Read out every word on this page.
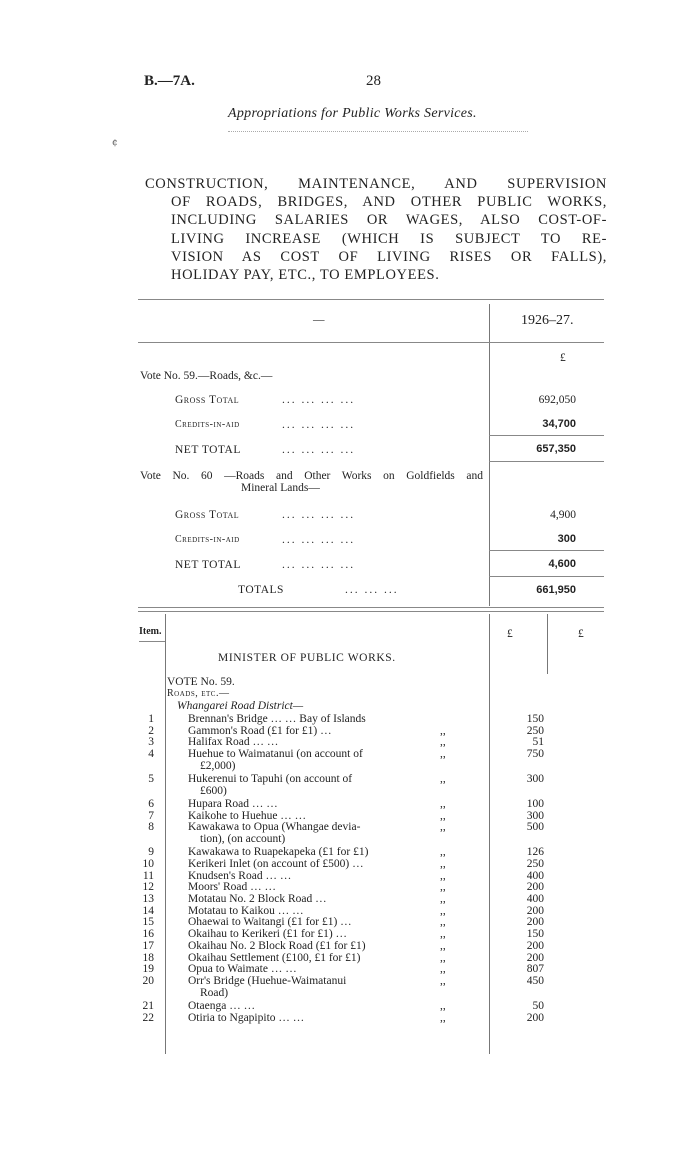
B.—7A.	28
Appropriations for Public Works Services.
¢
CONSTRUCTION, MAINTENANCE, AND SUPERVISION
OF ROADS, BRIDGES, AND OTHER PUBLIC WORKS,
INCLUDING SALARIES OR WAGES, ALSO COST-OF-
LIVING INCREASE (WHICH IS SUBJECT TO RE-
VISION AS COST OF LIVING RISES OR FALLS),
HOLIDAY PAY, ETC., TO EMPLOYEES.
—	1926–27.
£
Vote No. 59.—Roads, &c.—
Gross Total	... ... ... ...	692,050
Credits-in-aid	... ... ... ...	34,700
NET TOTAL	... ... ... ...	657,350
Vote No. 60 —Roads and Other Works on Goldfields and
Mineral Lands—
Gross Total	... ... ... ...	4,900
Credits-in-aid	... ... ... ...	300
NET TOTAL	... ... ... ...	4,600
TOTALS	... ... ...	661,950
Item.	£	£
MINISTER OF PUBLIC WORKS.
VOTE No. 59.
Roads, etc.—
Whangarei Road District—
1	Brennan's Bridge … … Bay of Islands	150
2	Gammon's Road (£1 for £1) …	,,	250
3	Halifax Road … …	,,	51
4	Huehue to Waimatanui (on account of	,,	750
£2,000)
5	Hukerenui to Tapuhi (on account of	,,	300
£600)
6	Hupara Road … …	,,	100
7	Kaikohe to Huehue … …	,,	300
8	Kawakawa to Opua (Whangae devia-	,,	500
tion), (on account)
9	Kawakawa to Ruapekapeka (£1 for £1)	,,	126
10	Kerikeri Inlet (on account of £500) …	,,	250
11	Knudsen's Road … …	,,	400
12	Moors' Road … …	,,	200
13	Motatau No. 2 Block Road …	,,	400
14	Motatau to Kaikou … …	,,	200
15	Ohaewai to Waitangi (£1 for £1) …	,,	200
16	Okaihau to Kerikeri (£1 for £1) …	,,	150
17	Okaihau No. 2 Block Road (£1 for £1)	,,	200
18	Okaihau Settlement (£100, £1 for £1)	,,	200
19	Opua to Waimate … …	,,	807
20	Orr's Bridge (Huehue-Waimatanui	,,	450
Road)
21	Otaenga … …	,,	50
22	Otiria to Ngapipito … …	,,	200
